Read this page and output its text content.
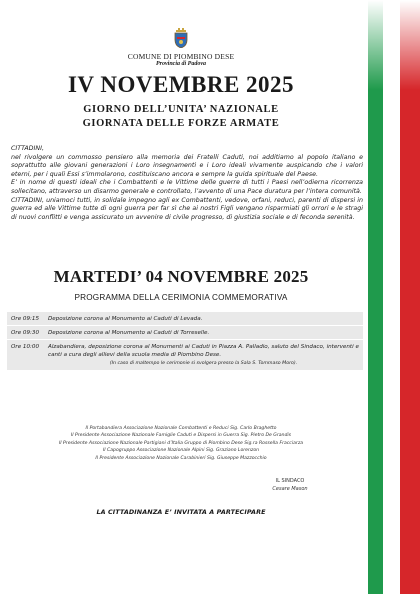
COMUNE DI PIOMBINO DESE
Provincia di Padova
IV NOVEMBRE 2025
GIORNO DELL’UNITA’ NAZIONALE
GIORNATA DELLE FORZE ARMATE

CITTADINI,

nel rivolgere un commosso pensiero alla memoria dei Fratelli Caduti, noi additiamo al popolo italiano e soprattutto alle giovani generazioni i Loro insegnamenti e i Loro ideali vivamente auspicando che i valori eterni, per i quali Essi s’immolarono, costituiscano ancora e sempre la guida spirituale del Paese.

E’ in nome di questi ideali che i Combattenti e le Vittime delle guerre di tutti i Paesi nell’odierna ricorrenza sollecitano, attraverso un disarmo generale e controllato, l’avvento di una Pace duratura per l’intera comunità.

CITTADINI, uniamoci tutti, in solidale impegno agli ex Combattenti, vedove, orfani, reduci, parenti di dispersi in guerra ed alle Vittime tutte di ogni guerra per far sì che ai nostri Figli vengano risparmiati gli orrori e le stragi di nuovi conflitti e venga assicurato un avvenire di civile progresso, di giustizia sociale e di feconda serenità.

MARTEDI’ 04 NOVEMBRE 2025
PROGRAMMA DELLA CERIMONIA COMMEMORATIVA
Ore 09:15	Deposizione corona al Monumento ai Caduti di Levada.
Ore 09:30	Deposizione corona al Monumento ai Caduti di Torreselle.
Ore 10:00	Alzabandiera, deposizione corona al Monumenti ai Caduti in Piazza A. Palladio, saluto del Sindaco, interventi e canti a cura degli allievi della scuola media di Piombino Dese.
(In caso di maltempo le cerimonie si svolgera presso la Sala S. Tommaso Moro).
Il Portabandiera Associazione Nazionale Combattenti e Reduci Sig. Carlo Braghetto
Il Presidente Associazione Nazionale Famiglie Caduti e Dispersi in Guerra Sig. Pietro De Grandis
Il Presidente Associazione Nazionale Partigiani d’Italia Gruppo di Piombino Dese Sig.ra Rossella Fracciarza
Il Capogruppo Associazione Nazionale Alpini Sig. Graziano Lorenzon
Il Presidente Associazione Nazionale Carabinieri Sig. Giuseppe Mazzocchio
IL SINDACO
Cesare Mason
LA CITTADINANZA E’ INVITATA A PARTECIPARE
